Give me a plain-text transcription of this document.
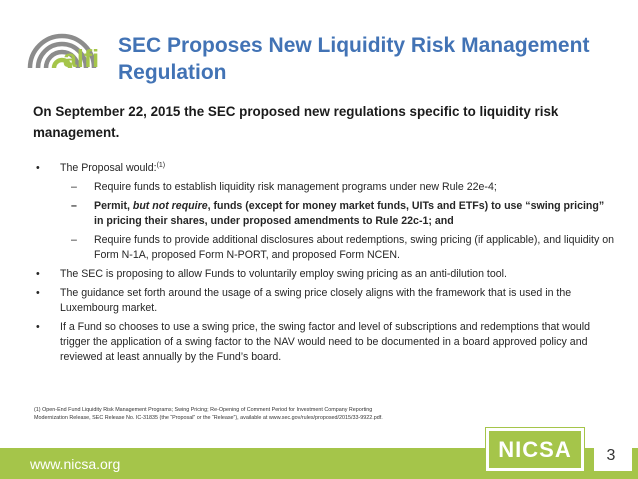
alfi SEC Proposes New Liquidity Risk Management Regulation
On September 22, 2015 the SEC proposed new regulations specific to liquidity risk management.
• The Proposal would:$^{(1)}$
– Require funds to establish liquidity risk management programs under new Rule 22e-4;
– Permit, but not require, funds (except for money market funds, UITs and ETFs) to use “swing pricing” in pricing their shares, under proposed amendments to Rule 22c-1; and
– Require funds to provide additional disclosures about redemptions, swing pricing (if applicable), and liquidity on Form N-1A, proposed Form N-PORT, and proposed Form NCEN.
• The SEC is proposing to allow Funds to voluntarily employ swing pricing as an anti-dilution tool.
• The guidance set forth around the usage of a swing price closely aligns with the framework that is used in the Luxembourg market.
• If a Fund so chooses to use a swing price, the swing factor and level of subscriptions and redemptions that would trigger the application of a swing factor to the NAV would need to be documented in a board approved policy and reviewed at least annually by the Fund’s board.
(1) Open-End Fund Liquidity Risk Management Programs; Swing Pricing; Re-Opening of Comment Period for Investment Company Reporting Modernization Release, SEC Release No. IC-31835 (the “Proposal” or the “Release”), available at www.sec.gov/rules/proposed/2015/33-9922.pdf.
www.nicsa.org
NICSA	3
